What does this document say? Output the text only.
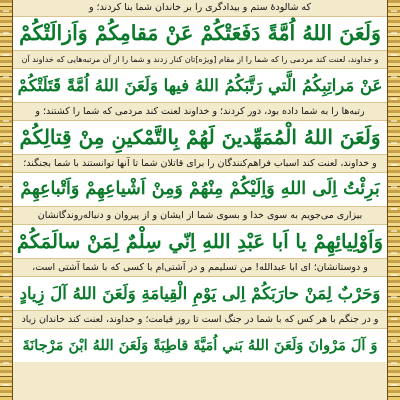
که شالودهٔ ستم و بیدادگری را بر خاندان شما بنا کردند؛ و
وَلَعَنَ اللهُ اُمَّةً دَفَعَتْكُمْ عَنْ مَقامِكُمْ وَاَزالَتْكُمْ
و خداوند، لعنت کند مردمی را که شما را از مقام [ویژه]تان کنار زدند و شما را از آن مرتبه‌هایی که خداوند آن
عَنْ مَراتِبِكُمُ الَّتي رَتَّبَكُمُ اللهُ فيها وَلَعَنَ اللهُ اُمَّةً قَتَلَتْكُمْ
رتبه‌ها را به شما داده بود، دور کردند؛ و خداوند لعنت کند مردمی که شما را کشتند؛ و
وَلَعَنَ اللهُ الْمُمَهِّدينَ لَهُمْ بِالتَّمْكينِ مِنْ قِتالِكُمْ
و خداوند، لعنت کند اسباب فراهم‌کنندگان را برای قاتلان شما تا آنها توانستند با شما بجنگند؛
بَرِئْتُ اِلَى اللهِ وَاِلَيْكُمْ مِنْهُمْ وَمِنْ اَشْياعِهِمْ وَاَتْباعِهِمْ
بیزاری می‌جویم به سوی خدا و بسوی شما از ایشان و از پیروان و دنباله‌روندگانشان
وَاَوْلِيائِهِمْ يا اَبا عَبْدِ اللهِ اِنّي سِلْمٌ لِمَنْ سالَمَكُمْ
و دوستانشان؛ ای ابا عبدالله! من تسلیمم و در آشتی‌ام با کسی که با شما آشتی است،
وَحَرْبٌ لِمَنْ حارَبَكُمْ اِلى يَوْمِ الْقِيامَةِ وَلَعَنَ اللهُ آلَ زِيادٍ
و در جنگم با هر کس که با شما در جنگ است تا روز قیامت؛ و خداوند، لعنت کند خاندان زیاد
وَ آلَ مَرْوانَ وَلَعَنَ اللهُ بَني اُمَيَّةَ قاطِبَةً وَلَعَنَ اللهُ ابْنَ مَرْجانَةَ
